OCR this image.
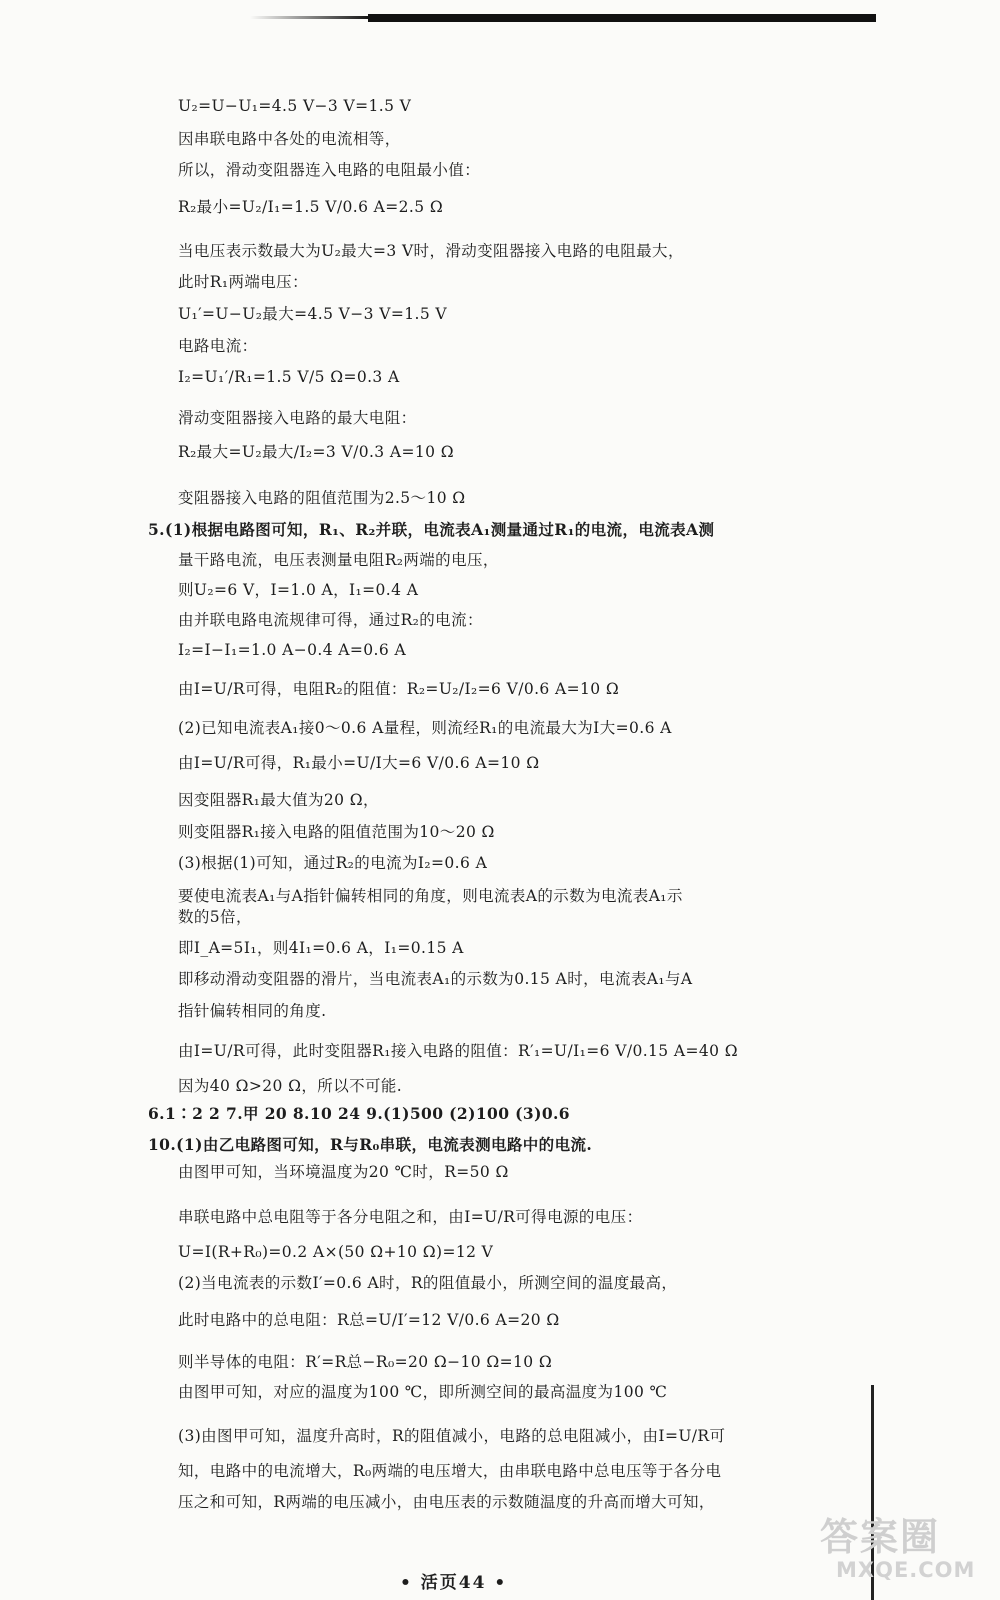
U₂=U−U₁=4.5 V−3 V=1.5 V
因串联电路中各处的电流相等，
所以，滑动变阻器连入电路的电阻最小值：
R₂最小=U₂/I₁=1.5 V/0.6 A=2.5 Ω
当电压表示数最大为U₂最大=3 V时，滑动变阻器接入电路的电阻最大，
此时R₁两端电压：
U₁′=U−U₂最大=4.5 V−3 V=1.5 V
电路电流：
I₂=U₁′/R₁=1.5 V/5 Ω=0.3 A
滑动变阻器接入电路的最大电阻：
R₂最大=U₂最大/I₂=3 V/0.3 A=10 Ω
变阻器接入电路的阻值范围为2.5～10 Ω
5.(1)根据电路图可知，R₁、R₂并联，电流表A₁测量通过R₁的电流，电流表A测
量干路电流，电压表测量电阻R₂两端的电压，
则U₂=6 V，I=1.0 A，I₁=0.4 A
由并联电路电流规律可得，通过R₂的电流：
I₂=I−I₁=1.0 A−0.4 A=0.6 A
由I=U/R可得，电阻R₂的阻值：R₂=U₂/I₂=6 V/0.6 A=10 Ω
(2)已知电流表A₁接0～0.6 A量程，则流经R₁的电流最大为I大=0.6 A
由I=U/R可得，R₁最小=U/I大=6 V/0.6 A=10 Ω
因变阻器R₁最大值为20 Ω，
则变阻器R₁接入电路的阻值范围为10～20 Ω
(3)根据(1)可知，通过R₂的电流为I₂=0.6 A
要使电流表A₁与A指针偏转相同的角度，则电流表A的示数为电流表A₁示
数的5倍，
即I_A=5I₁，则4I₁=0.6 A，I₁=0.15 A
即移动滑动变阻器的滑片，当电流表A₁的示数为0.15 A时，电流表A₁与A
指针偏转相同的角度.
由I=U/R可得，此时变阻器R₁接入电路的阻值：R′₁=U/I₁=6 V/0.15 A=40 Ω
因为40 Ω>20 Ω，所以不可能.
6.1∶2 2 7.甲 20 8.10 24 9.(1)500 (2)100 (3)0.6
10.(1)由乙电路图可知，R与R₀串联，电流表测电路中的电流.
由图甲可知，当环境温度为20 ℃时，R=50 Ω
串联电路中总电阻等于各分电阻之和，由I=U/R可得电源的电压：
U=I(R+R₀)=0.2 A×(50 Ω+10 Ω)=12 V
(2)当电流表的示数I′=0.6 A时，R的阻值最小，所测空间的温度最高，
此时电路中的总电阻：R总=U/I′=12 V/0.6 A=20 Ω
则半导体的电阻：R′=R总−R₀=20 Ω−10 Ω=10 Ω
由图甲可知，对应的温度为100 ℃，即所测空间的最高温度为100 ℃
(3)由图甲可知，温度升高时，R的阻值减小，电路的总电阻减小，由I=U/R可
知，电路中的电流增大，R₀两端的电压增大，由串联电路中总电压等于各分电
压之和可知，R两端的电压减小，由电压表的示数随温度的升高而增大可知，
• 活页44 •
答案圈
MXQE.COM
